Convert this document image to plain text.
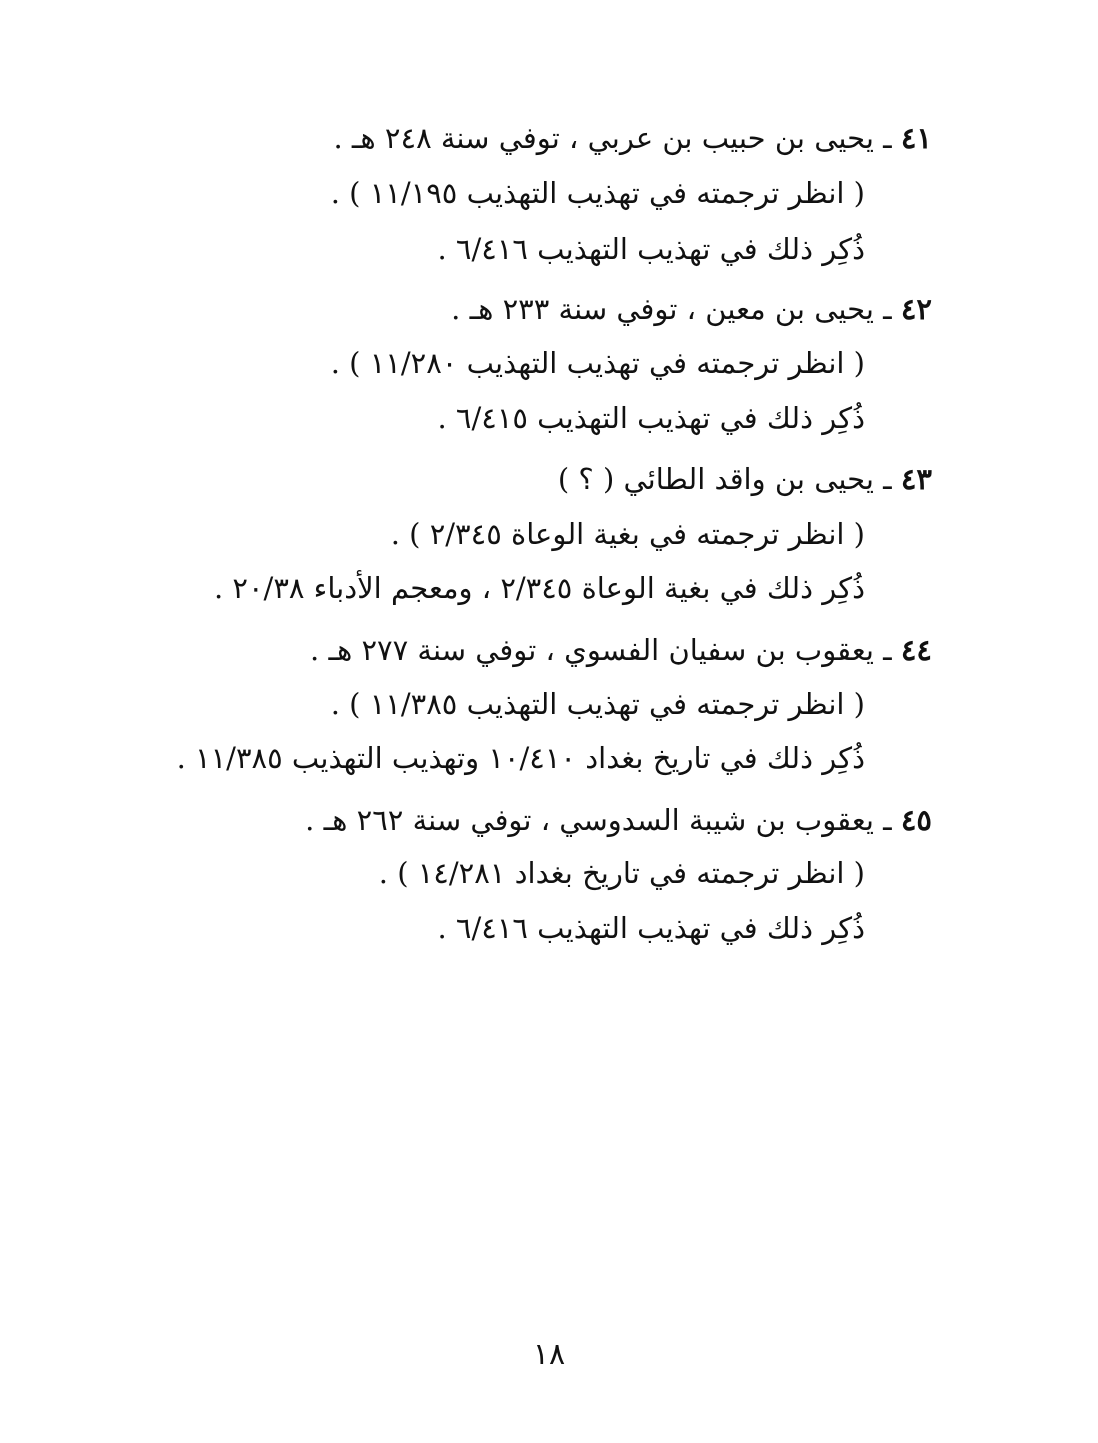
٤١ ـ يحيى بن حبيب بن عربي ، توفي سنة ٢٤٨ هـ .
( انظر ترجمته في تهذيب التهذيب ١١/١٩٥ ) .
ذُكِر ذلك في تهذيب التهذيب ٦/٤١٦ .
٤٢ ـ يحيى بن معين ، توفي سنة ٢٣٣ هـ .
( انظر ترجمته في تهذيب التهذيب ١١/٢٨٠ ) .
ذُكِر ذلك في تهذيب التهذيب ٦/٤١٥ .
٤٣ ـ يحيى بن واقد الطائي ( ؟ )
( انظر ترجمته في بغية الوعاة ٢/٣٤٥ ) .
ذُكِر ذلك في بغية الوعاة ٢/٣٤٥ ، ومعجم الأدباء ٢٠/٣٨ .
٤٤ ـ يعقوب بن سفيان الفسوي ، توفي سنة ٢٧٧ هـ .
( انظر ترجمته في تهذيب التهذيب ١١/٣٨٥ ) .
ذُكِر ذلك في تاريخ بغداد ١٠/٤١٠ وتهذيب التهذيب ١١/٣٨٥ .
٤٥ ـ يعقوب بن شيبة السدوسي ، توفي سنة ٢٦٢ هـ .
( انظر ترجمته في تاريخ بغداد ١٤/٢٨١ ) .
ذُكِر ذلك في تهذيب التهذيب ٦/٤١٦ .
١٨
